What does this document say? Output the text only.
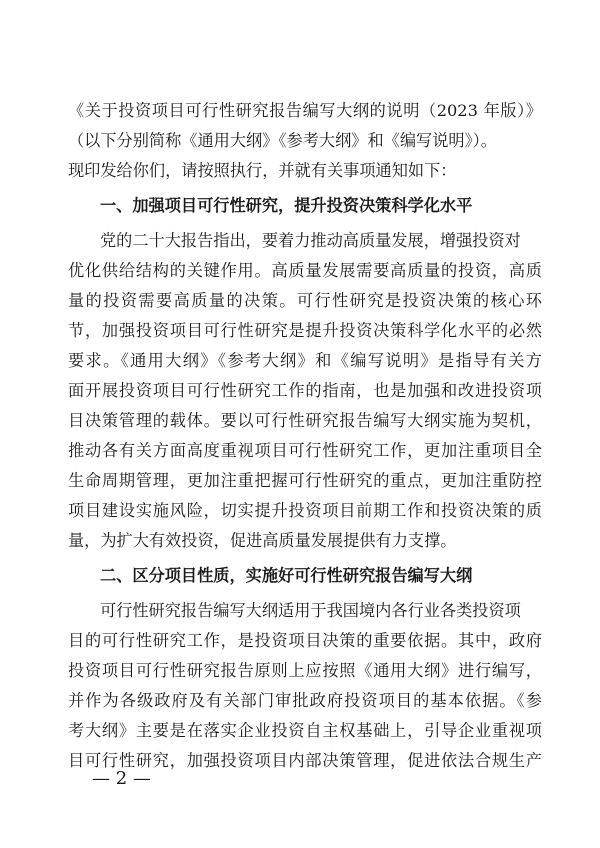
《关于投资项目可行性研究报告编写大纲的说明（2023 年版）》
（以下分别简称《通用大纲》《参考大纲》和《编写说明》）。
现印发给你们，请按照执行，并就有关事项通知如下：
一、加强项目可行性研究，提升投资决策科学化水平
党的二十大报告指出，要着力推动高质量发展，增强投资对
优化供给结构的关键作用。高质量发展需要高质量的投资，高质
量的投资需要高质量的决策。可行性研究是投资决策的核心环
节，加强投资项目可行性研究是提升投资决策科学化水平的必然
要求。《通用大纲》《参考大纲》和《编写说明》是指导有关方
面开展投资项目可行性研究工作的指南，也是加强和改进投资项
目决策管理的载体。要以可行性研究报告编写大纲实施为契机，
推动各有关方面高度重视项目可行性研究工作，更加注重项目全
生命周期管理，更加注重把握可行性研究的重点，更加注重防控
项目建设实施风险，切实提升投资项目前期工作和投资决策的质
量，为扩大有效投资，促进高质量发展提供有力支撑。
二、区分项目性质，实施好可行性研究报告编写大纲
可行性研究报告编写大纲适用于我国境内各行业各类投资项
目的可行性研究工作，是投资项目决策的重要依据。其中，政府
投资项目可行性研究报告原则上应按照《通用大纲》进行编写，
并作为各级政府及有关部门审批政府投资项目的基本依据。《参
考大纲》主要是在落实企业投资自主权基础上，引导企业重视项
目可行性研究，加强投资项目内部决策管理，促进依法合规生产
— 2 —
